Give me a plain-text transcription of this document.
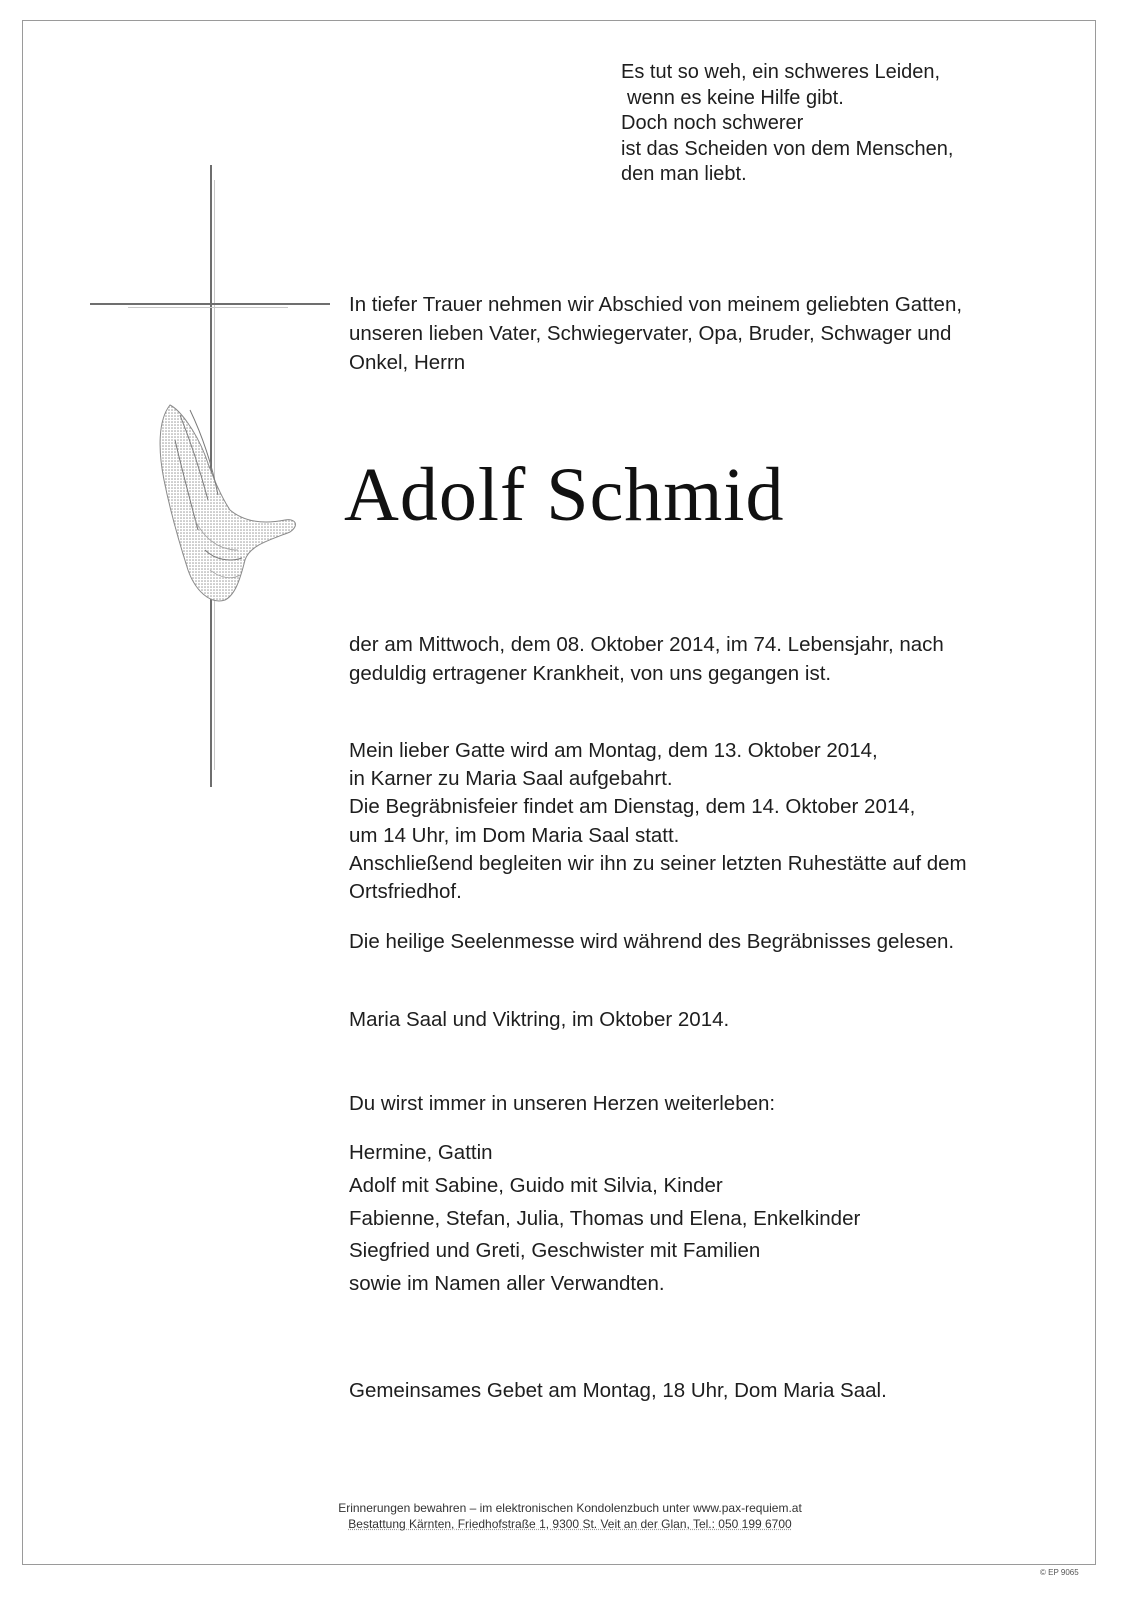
Es tut so weh, ein schweres Leiden,
wenn es keine Hilfe gibt.
Doch noch schwerer
ist das Scheiden von dem Menschen,
den man liebt.
In tiefer Trauer nehmen wir Abschied von meinem geliebten Gatten,
unseren lieben Vater, Schwiegervater, Opa, Bruder, Schwager und
Onkel, Herrn
Adolf Schmid
der am Mittwoch, dem 08. Oktober 2014, im 74. Lebensjahr, nach
geduldig ertragener Krankheit, von uns gegangen ist.
Mein lieber Gatte wird am Montag, dem 13. Oktober 2014,
in Karner zu Maria Saal aufgebahrt.
Die Begräbnisfeier findet am Dienstag, dem 14. Oktober 2014,
um 14 Uhr, im Dom Maria Saal statt.
Anschließend begleiten wir ihn zu seiner letzten Ruhestätte auf dem
Ortsfriedhof.
Die heilige Seelenmesse wird während des Begräbnisses gelesen.
Maria Saal und Viktring, im Oktober 2014.
Du wirst immer in unseren Herzen weiterleben:
Hermine, Gattin
Adolf mit Sabine, Guido mit Silvia, Kinder
Fabienne, Stefan, Julia, Thomas und Elena, Enkelkinder
Siegfried und Greti, Geschwister mit Familien
sowie im Namen aller Verwandten.
Gemeinsames Gebet am Montag, 18 Uhr, Dom Maria Saal.
Erinnerungen bewahren – im elektronischen Kondolenzbuch unter www.pax-requiem.at
Bestattung Kärnten, Friedhofstraße 1, 9300 St. Veit an der Glan, Tel.: 050 199 6700
© EP 9065
